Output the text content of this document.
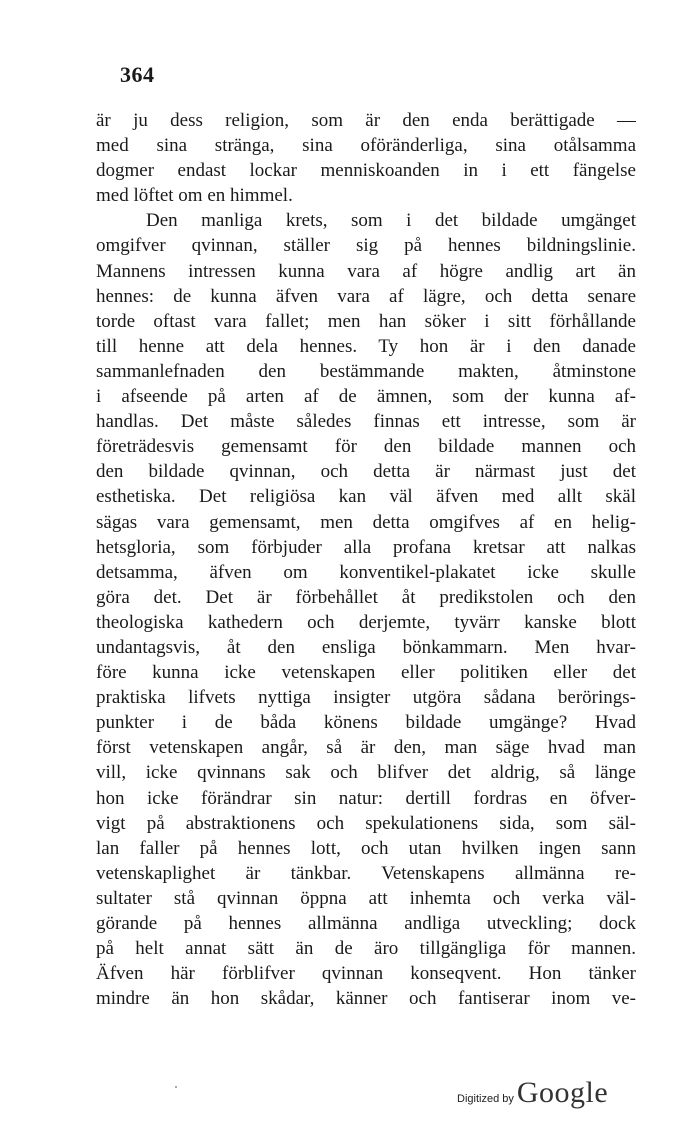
364
är ju dess religion, som är den enda berättigade —
med sina stränga, sina oföränderliga, sina otålsamma
dogmer endast lockar menniskoanden in i ett fängelse
med löftet om en himmel.
Den manliga krets, som i det bildade umgänget
omgifver qvinnan, ställer sig på hennes bildningslinie.
Mannens intressen kunna vara af högre andlig art än
hennes: de kunna äfven vara af lägre, och detta senare
torde oftast vara fallet; men han söker i sitt förhållande
till henne att dela hennes. Ty hon är i den danade
sammanlefnaden den bestämmande makten, åtminstone
i afseende på arten af de ämnen, som der kunna af-
handlas. Det måste således finnas ett intresse, som är
företrädesvis gemensamt för den bildade mannen och
den bildade qvinnan, och detta är närmast just det
esthetiska. Det religiösa kan väl äfven med allt skäl
sägas vara gemensamt, men detta omgifves af en helig-
hetsgloria, som förbjuder alla profana kretsar att nalkas
detsamma, äfven om konventikel-plakatet icke skulle
göra det. Det är förbehållet åt predikstolen och den
theologiska kathedern och derjemte, tyvärr kanske blott
undantagsvis, åt den ensliga bönkammarn. Men hvar-
före kunna icke vetenskapen eller politiken eller det
praktiska lifvets nyttiga insigter utgöra sådana berörings-
punkter i de båda könens bildade umgänge? Hvad
först vetenskapen angår, så är den, man säge hvad man
vill, icke qvinnans sak och blifver det aldrig, så länge
hon icke förändrar sin natur: dertill fordras en öfver-
vigt på abstraktionens och spekulationens sida, som säl-
lan faller på hennes lott, och utan hvilken ingen sann
vetenskaplighet är tänkbar. Vetenskapens allmänna re-
sultater stå qvinnan öppna att inhemta och verka väl-
görande på hennes allmänna andliga utveckling; dock
på helt annat sätt än de äro tillgängliga för mannen.
Äfven här förblifver qvinnan konseqvent. Hon tänker
mindre än hon skådar, känner och fantiserar inom ve-
Digitized by Google
